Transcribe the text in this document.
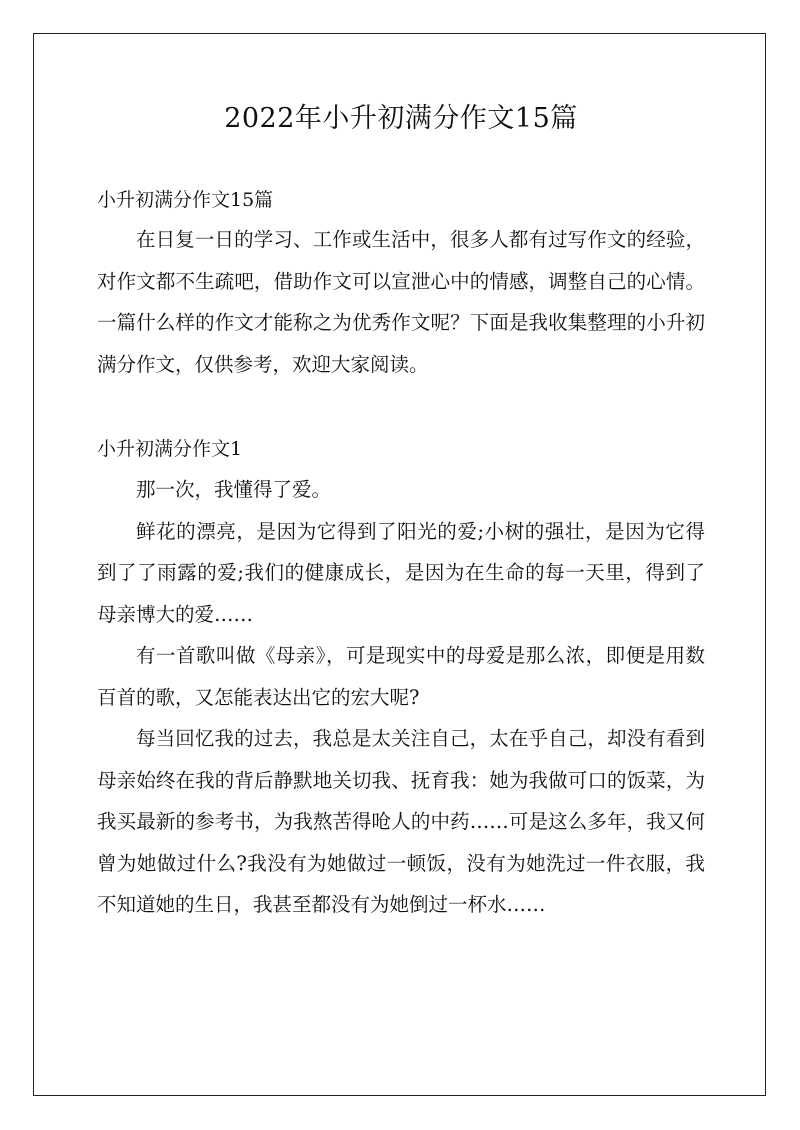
2022年小升初满分作文15篇

小升初满分作文15篇

在日复一日的学习、工作或生活中，很多人都有过写作文的经验，对作文都不生疏吧，借助作文可以宣泄心中的情感，调整自己的心情。一篇什么样的作文才能称之为优秀作文呢？下面是我收集整理的小升初满分作文，仅供参考，欢迎大家阅读。

小升初满分作文1

那一次，我懂得了爱。

鲜花的漂亮，是因为它得到了阳光的爱;小树的强壮，是因为它得到了了雨露的爱;我们的健康成长，是因为在生命的每一天里，得到了母亲博大的爱……

有一首歌叫做《母亲》，可是现实中的母爱是那么浓，即便是用数百首的歌，又怎能表达出它的宏大呢?

每当回忆我的过去，我总是太关注自己，太在乎自己，却没有看到母亲始终在我的背后静默地关切我、抚育我：她为我做可口的饭菜，为我买最新的参考书，为我熬苦得呛人的中药……可是这么多年，我又何曾为她做过什么?我没有为她做过一顿饭，没有为她洗过一件衣服，我不知道她的生日，我甚至都没有为她倒过一杯水……
